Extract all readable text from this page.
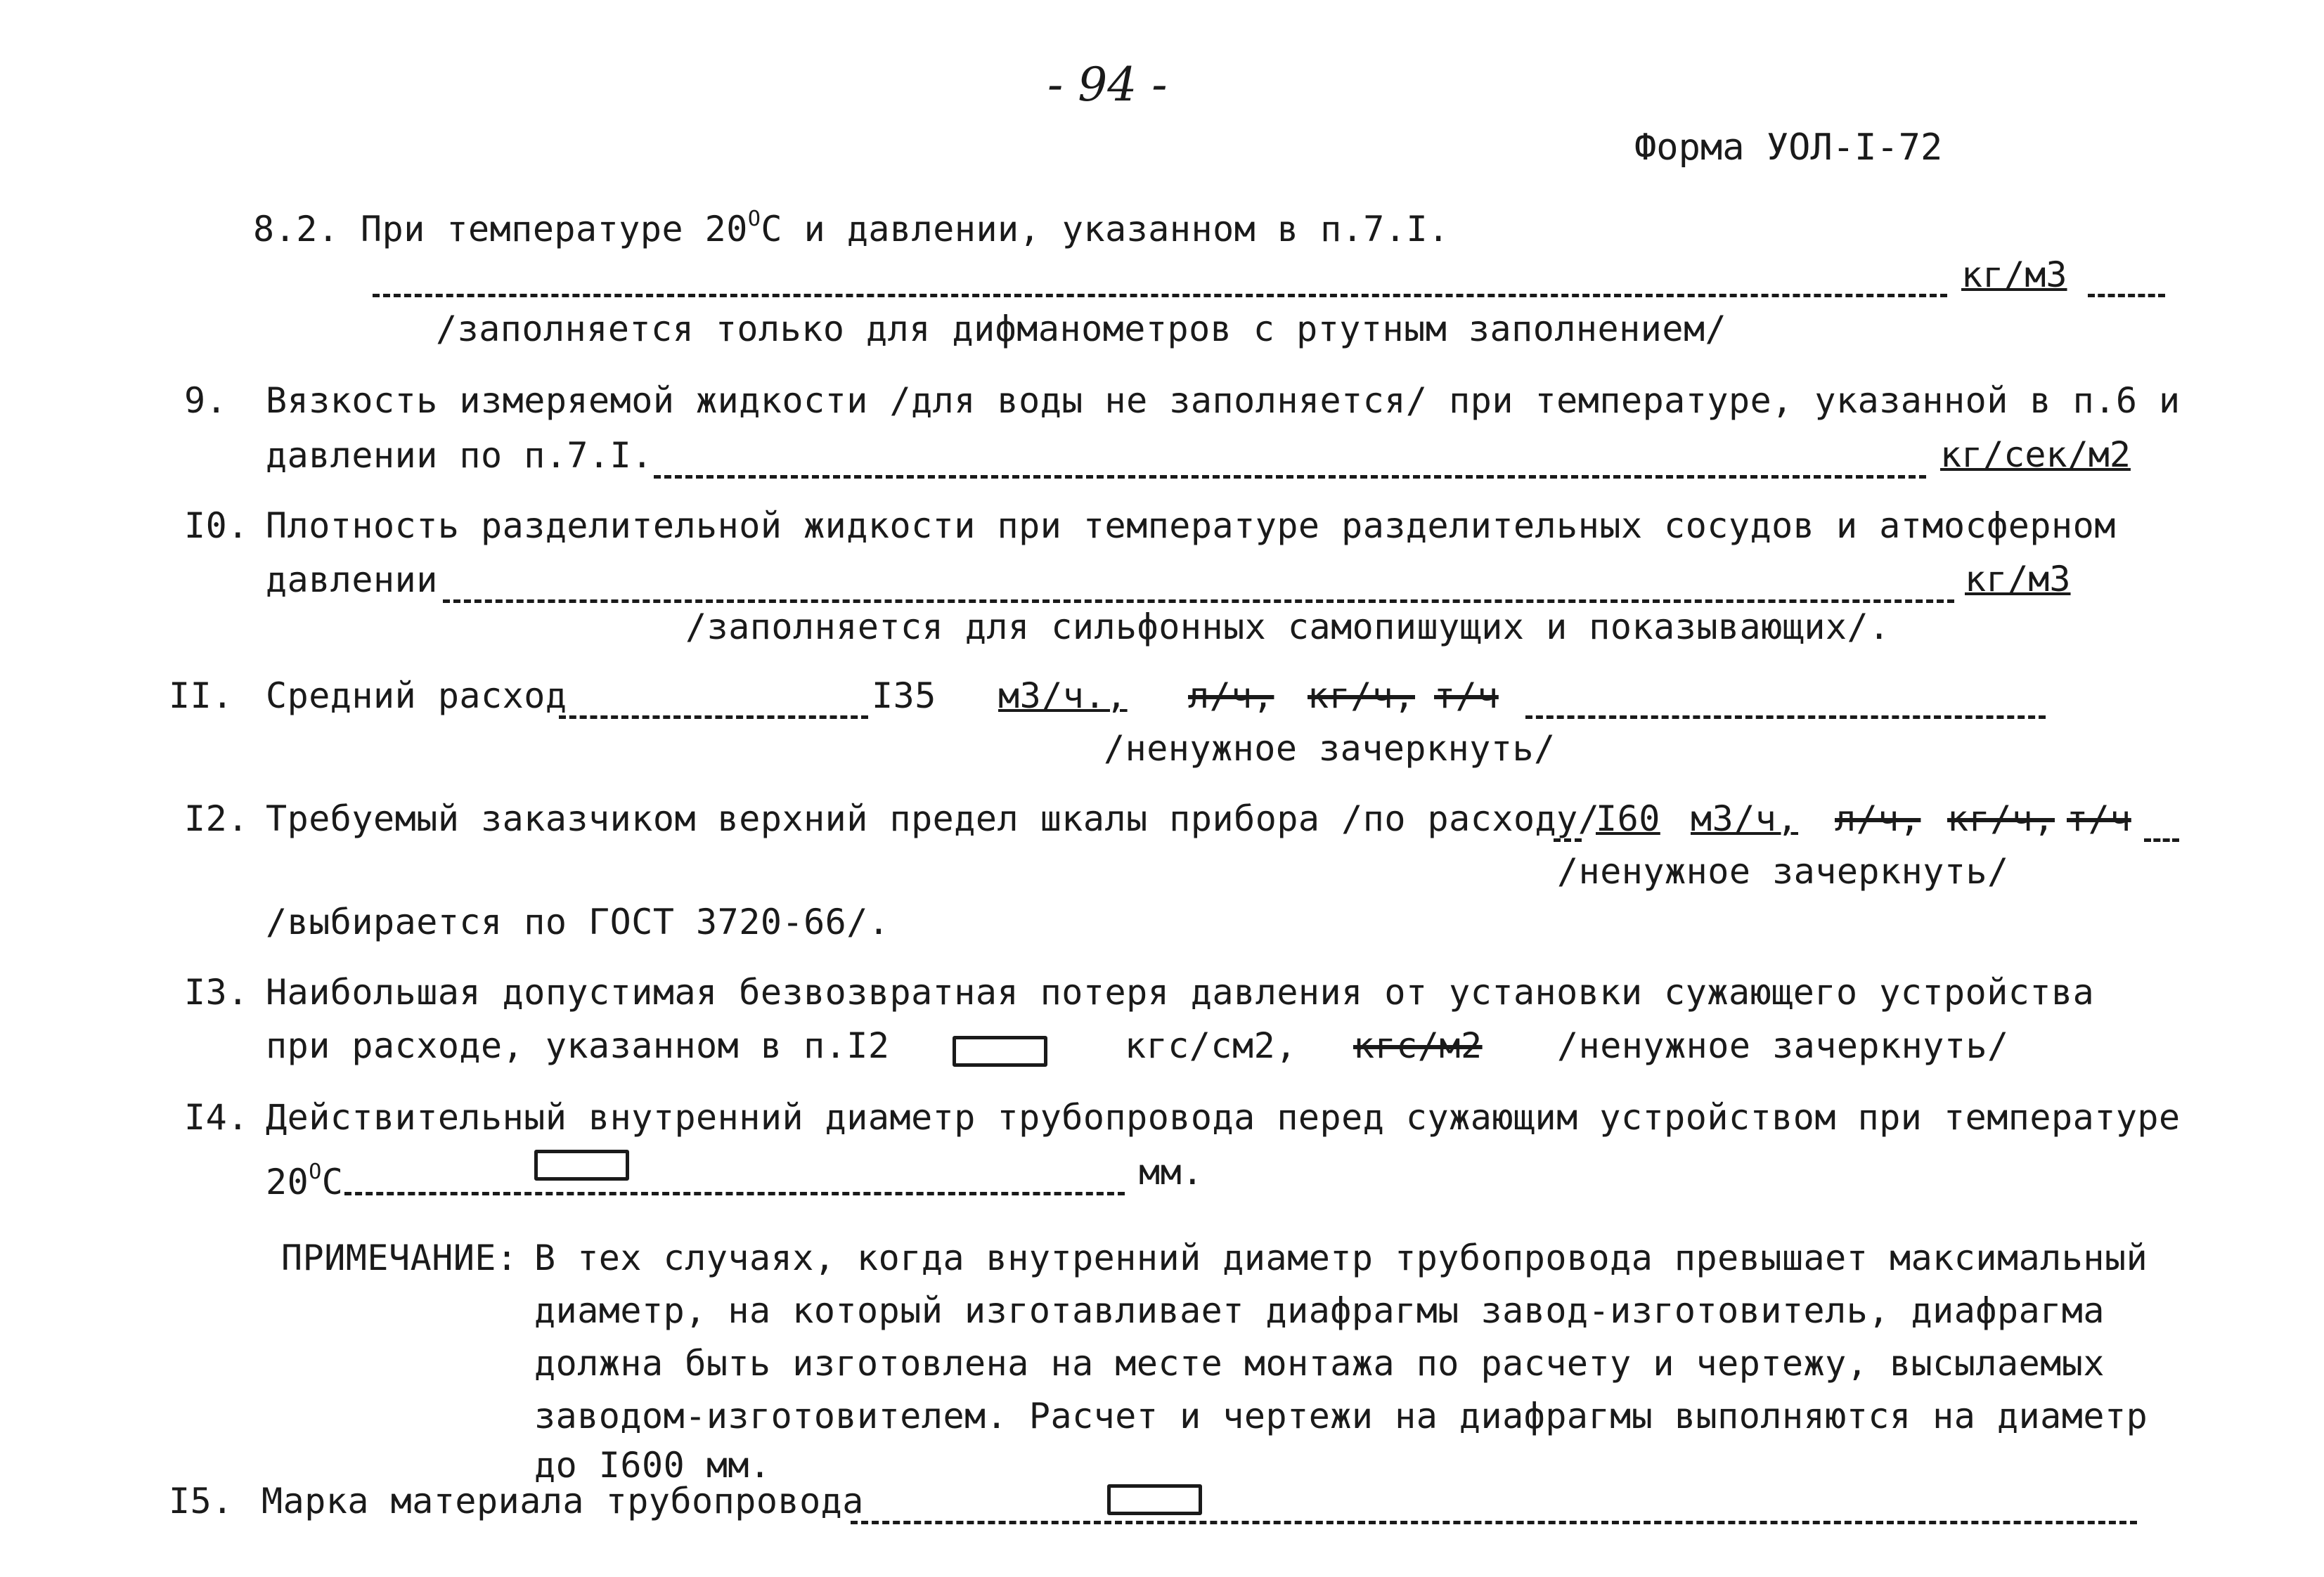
- 94 -
Форма УОЛ-I-72
8.2. При температуре $20^ОС$ и давлении, указанном в п.7.I.
кг/м3
/заполняется только для дифманометров с ртутным заполнением/
9. Вязкость измеряемой жидкости /для воды не заполняется/ при температуре, указанной в п.6 и
давлении по п.7.I.	кг/сек/м2
I0. Плотность разделительной жидкости при температуре разделительных сосудов и атмосферном
давлении	кг/м3
/заполняется для сильфонных самопишущих и показывающих/.
II. Средний расход	I35 м3/ч., л/ч, кг/ч, т/ч
/ненужное зачеркнуть/
I2. Требуемый заказчиком верхний предел шкалы прибора /по расходу/
I60 м3/ч, л/ч, кг/ч, т/ч
/ненужное зачеркнуть/
/выбирается по ГОСТ 3720-66/.
I3. Наибольшая допустимая безвозвратная потеря давления от установки сужающего устройства
при расходе, указанном в п.I2	кгс/см2, кгс/м2 /ненужное зачеркнуть/
I4. Действительный внутренний диаметр трубопровода перед сужающим устройством при температуре
$20^ОС$	мм.
ПРИМЕЧАНИЕ: В тех случаях, когда внутренний диаметр трубопровода превышает максимальный
диаметр, на который изготавливает диафрагмы завод-изготовитель, диафрагма
должна быть изготовлена на месте монтажа по расчету и чертежу, высылаемых
заводом-изготовителем. Расчет и чертежи на диафрагмы выполняются на диаметр
до I600 мм.
I5. Марка материала трубопровода
